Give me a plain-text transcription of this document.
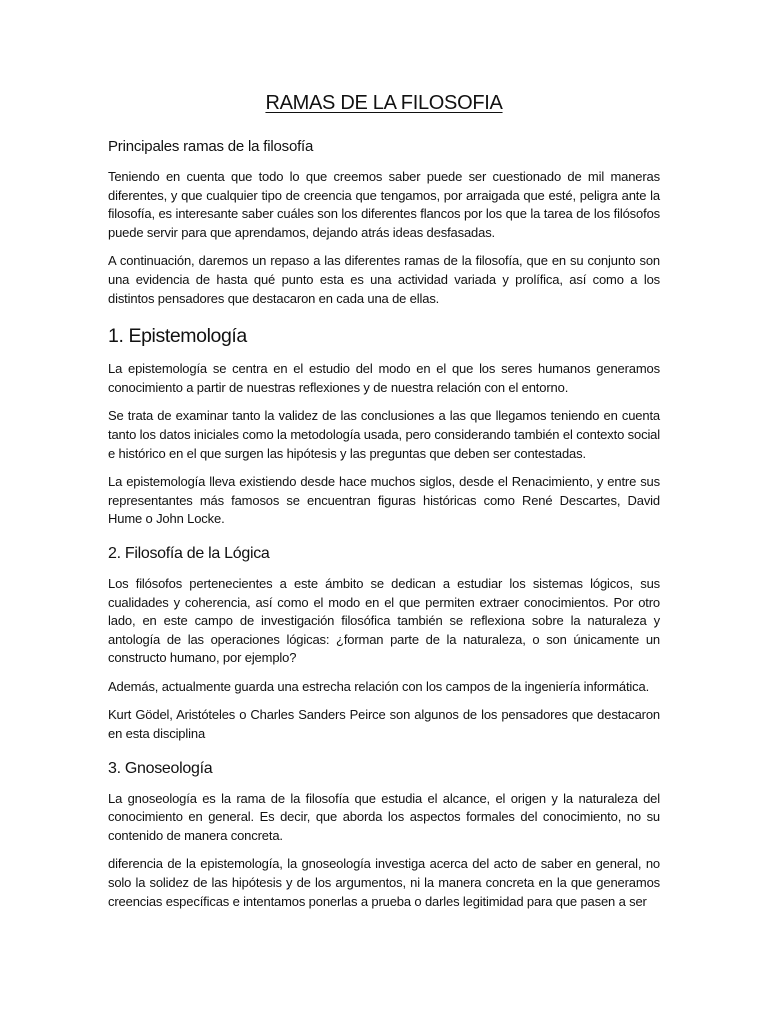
RAMAS DE LA FILOSOFIA
Principales ramas de la filosofía

Teniendo en cuenta que todo lo que creemos saber puede ser cuestionado de mil maneras diferentes, y que cualquier tipo de creencia que tengamos, por arraigada que esté, peligra ante la filosofía, es interesante saber cuáles son los diferentes flancos por los que la tarea de los filósofos puede servir para que aprendamos, dejando atrás ideas desfasadas.

A continuación, daremos un repaso a las diferentes ramas de la filosofía, que en su conjunto son una evidencia de hasta qué punto esta es una actividad variada y prolífica, así como a los distintos pensadores que destacaron en cada una de ellas.

1. Epistemología

La epistemología se centra en el estudio del modo en el que los seres humanos generamos conocimiento a partir de nuestras reflexiones y de nuestra relación con el entorno.

Se trata de examinar tanto la validez de las conclusiones a las que llegamos teniendo en cuenta tanto los datos iniciales como la metodología usada, pero considerando también el contexto social e histórico en el que surgen las hipótesis y las preguntas que deben ser contestadas.

La epistemología lleva existiendo desde hace muchos siglos, desde el Renacimiento, y entre sus representantes más famosos se encuentran figuras históricas como René Descartes, David Hume o John Locke.

2. Filosofía de la Lógica

Los filósofos pertenecientes a este ámbito se dedican a estudiar los sistemas lógicos, sus cualidades y coherencia, así como el modo en el que permiten extraer conocimientos. Por otro lado, en este campo de investigación filosófica también se reflexiona sobre la naturaleza y antología de las operaciones lógicas: ¿forman parte de la naturaleza, o son únicamente un constructo humano, por ejemplo?

Además, actualmente guarda una estrecha relación con los campos de la ingeniería informática.

Kurt Gödel, Aristóteles o Charles Sanders Peirce son algunos de los pensadores que destacaron en esta disciplina

3. Gnoseología

La gnoseología es la rama de la filosofía que estudia el alcance, el origen y la naturaleza del conocimiento en general. Es decir, que aborda los aspectos formales del conocimiento, no su contenido de manera concreta.

diferencia de la epistemología, la gnoseología investiga acerca del acto de saber en general, no solo la solidez de las hipótesis y de los argumentos, ni la manera concreta en la que generamos creencias específicas e intentamos ponerlas a prueba o darles legitimidad para que pasen a ser
